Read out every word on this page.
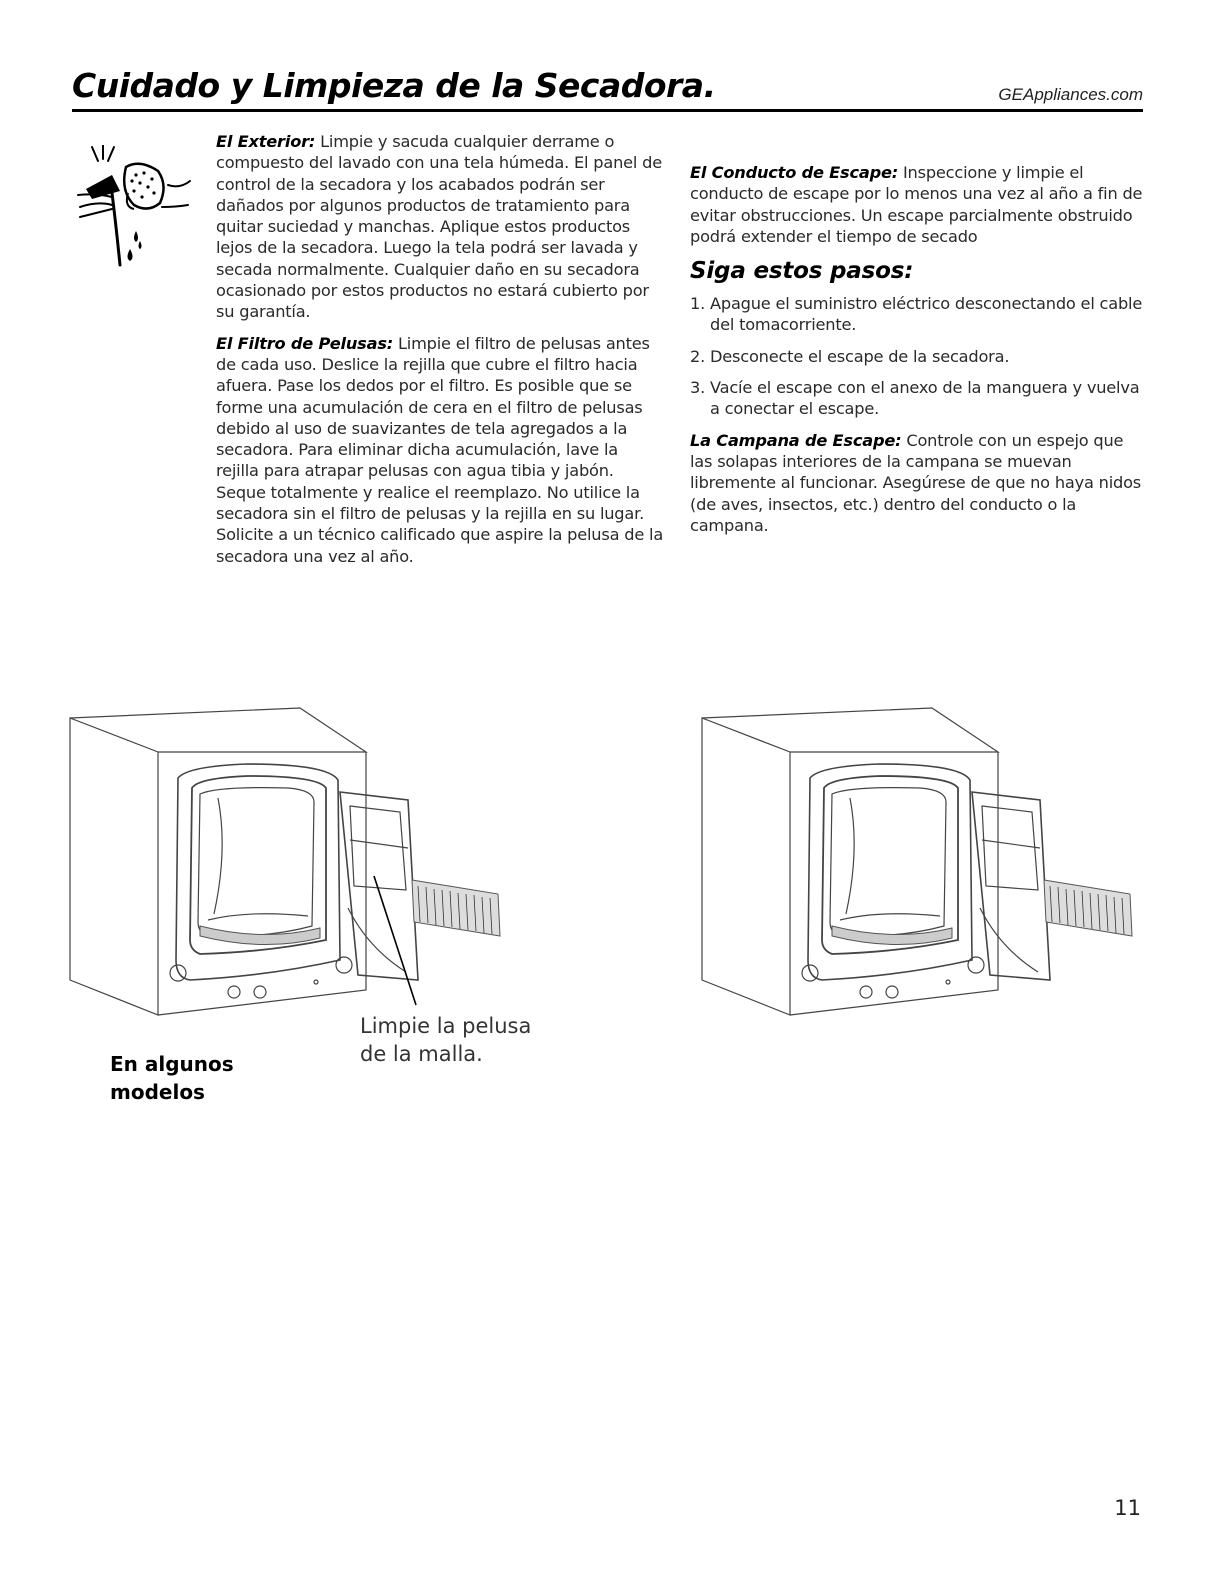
Cuidado y Limpieza de la Secadora.	GEAppliances.com

El Exterior: Limpie y sacuda cualquier derrame o compuesto del lavado con una tela húmeda. El panel de control de la secadora y los acabados podrán ser dañados por algunos productos de tratamiento para quitar suciedad y manchas. Aplique estos productos lejos de la secadora. Luego la tela podrá ser lavada y secada normalmente. Cualquier daño en su secadora ocasionado por estos productos no estará cubierto por su garantía.

El Filtro de Pelusas: Limpie el filtro de pelusas antes de cada uso. Deslice la rejilla que cubre el filtro hacia afuera. Pase los dedos por el filtro. Es posible que se forme una acumulación de cera en el filtro de pelusas debido al uso de suavizantes de tela agregados a la secadora. Para eliminar dicha acumulación, lave la rejilla para atrapar pelusas con agua tibia y jabón. Seque totalmente y realice el reemplazo. No utilice la secadora sin el filtro de pelusas y la rejilla en su lugar. Solicite a un técnico calificado que aspire la pelusa de la secadora una vez al año.

El Conducto de Escape: Inspeccione y limpie el conducto de escape por lo menos una vez al año a fin de evitar obstrucciones. Un escape parcialmente obstruido podrá extender el tiempo de secado

Siga estos pasos:
1. Apague el suministro eléctrico desconectando el cable del tomacorriente.
2. Desconecte el escape de la secadora.
3. Vacíe el escape con el anexo de la manguera y vuelva a conectar el escape.

La Campana de Escape: Controle con un espejo que las solapas interiores de la campana se muevan libremente al funcionar. Asegúrese de que no haya nidos (de aves, insectos, etc.) dentro del conducto o la campana.

Limpie la pelusa de la malla.
En algunos modelos
11
